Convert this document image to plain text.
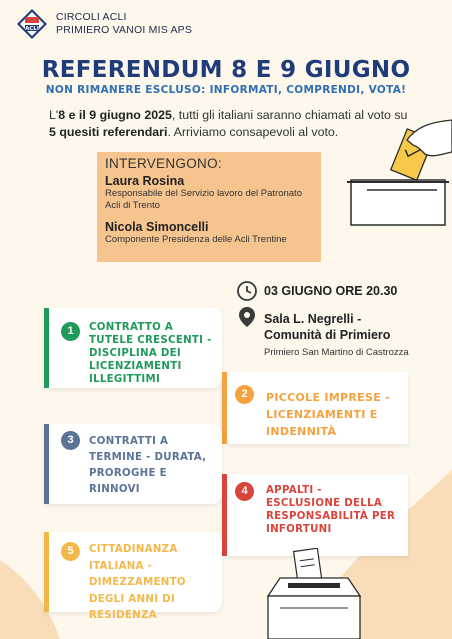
ACLI
CIRCOLI ACLI
PRIMIERO VANOI MIS APS
REFERENDUM 8 E 9 GIUGNO
NON RIMANERE ESCLUSO: INFORMATI, COMPRENDI, VOTA!
L'8 e il 9 giugno 2025, tutti gli italiani saranno chiamati al voto su 5 quesiti referendari. Arriviamo consapevoli al voto.
INTERVENGONO:
Laura Rosina
Responsabile del Servizio lavoro del Patronato Acli di Trento
Nicola Simoncelli
Componente Presidenza delle Acli Trentine
03 GIUGNO ORE 20.30
Sala L. Negrelli -
Comunità di Primiero
Primiero San Martino di Castrozza
1	CONTRATTO A TUTELE CRESCENTI - DISCIPLINA DEI LICENZIAMENTI ILLEGITTIMI
2	PICCOLE IMPRESE - LICENZIAMENTI E INDENNITÀ
3	CONTRATTI A TERMINE - DURATA, PROROGHE E RINNOVI	4	APPALTI - ESCLUSIONE DELLA RESPONSABILITÀ PER INFORTUNI
5	CITTADINANZA ITALIANA - DIMEZZAMENTO DEGLI ANNI DI RESIDENZA
